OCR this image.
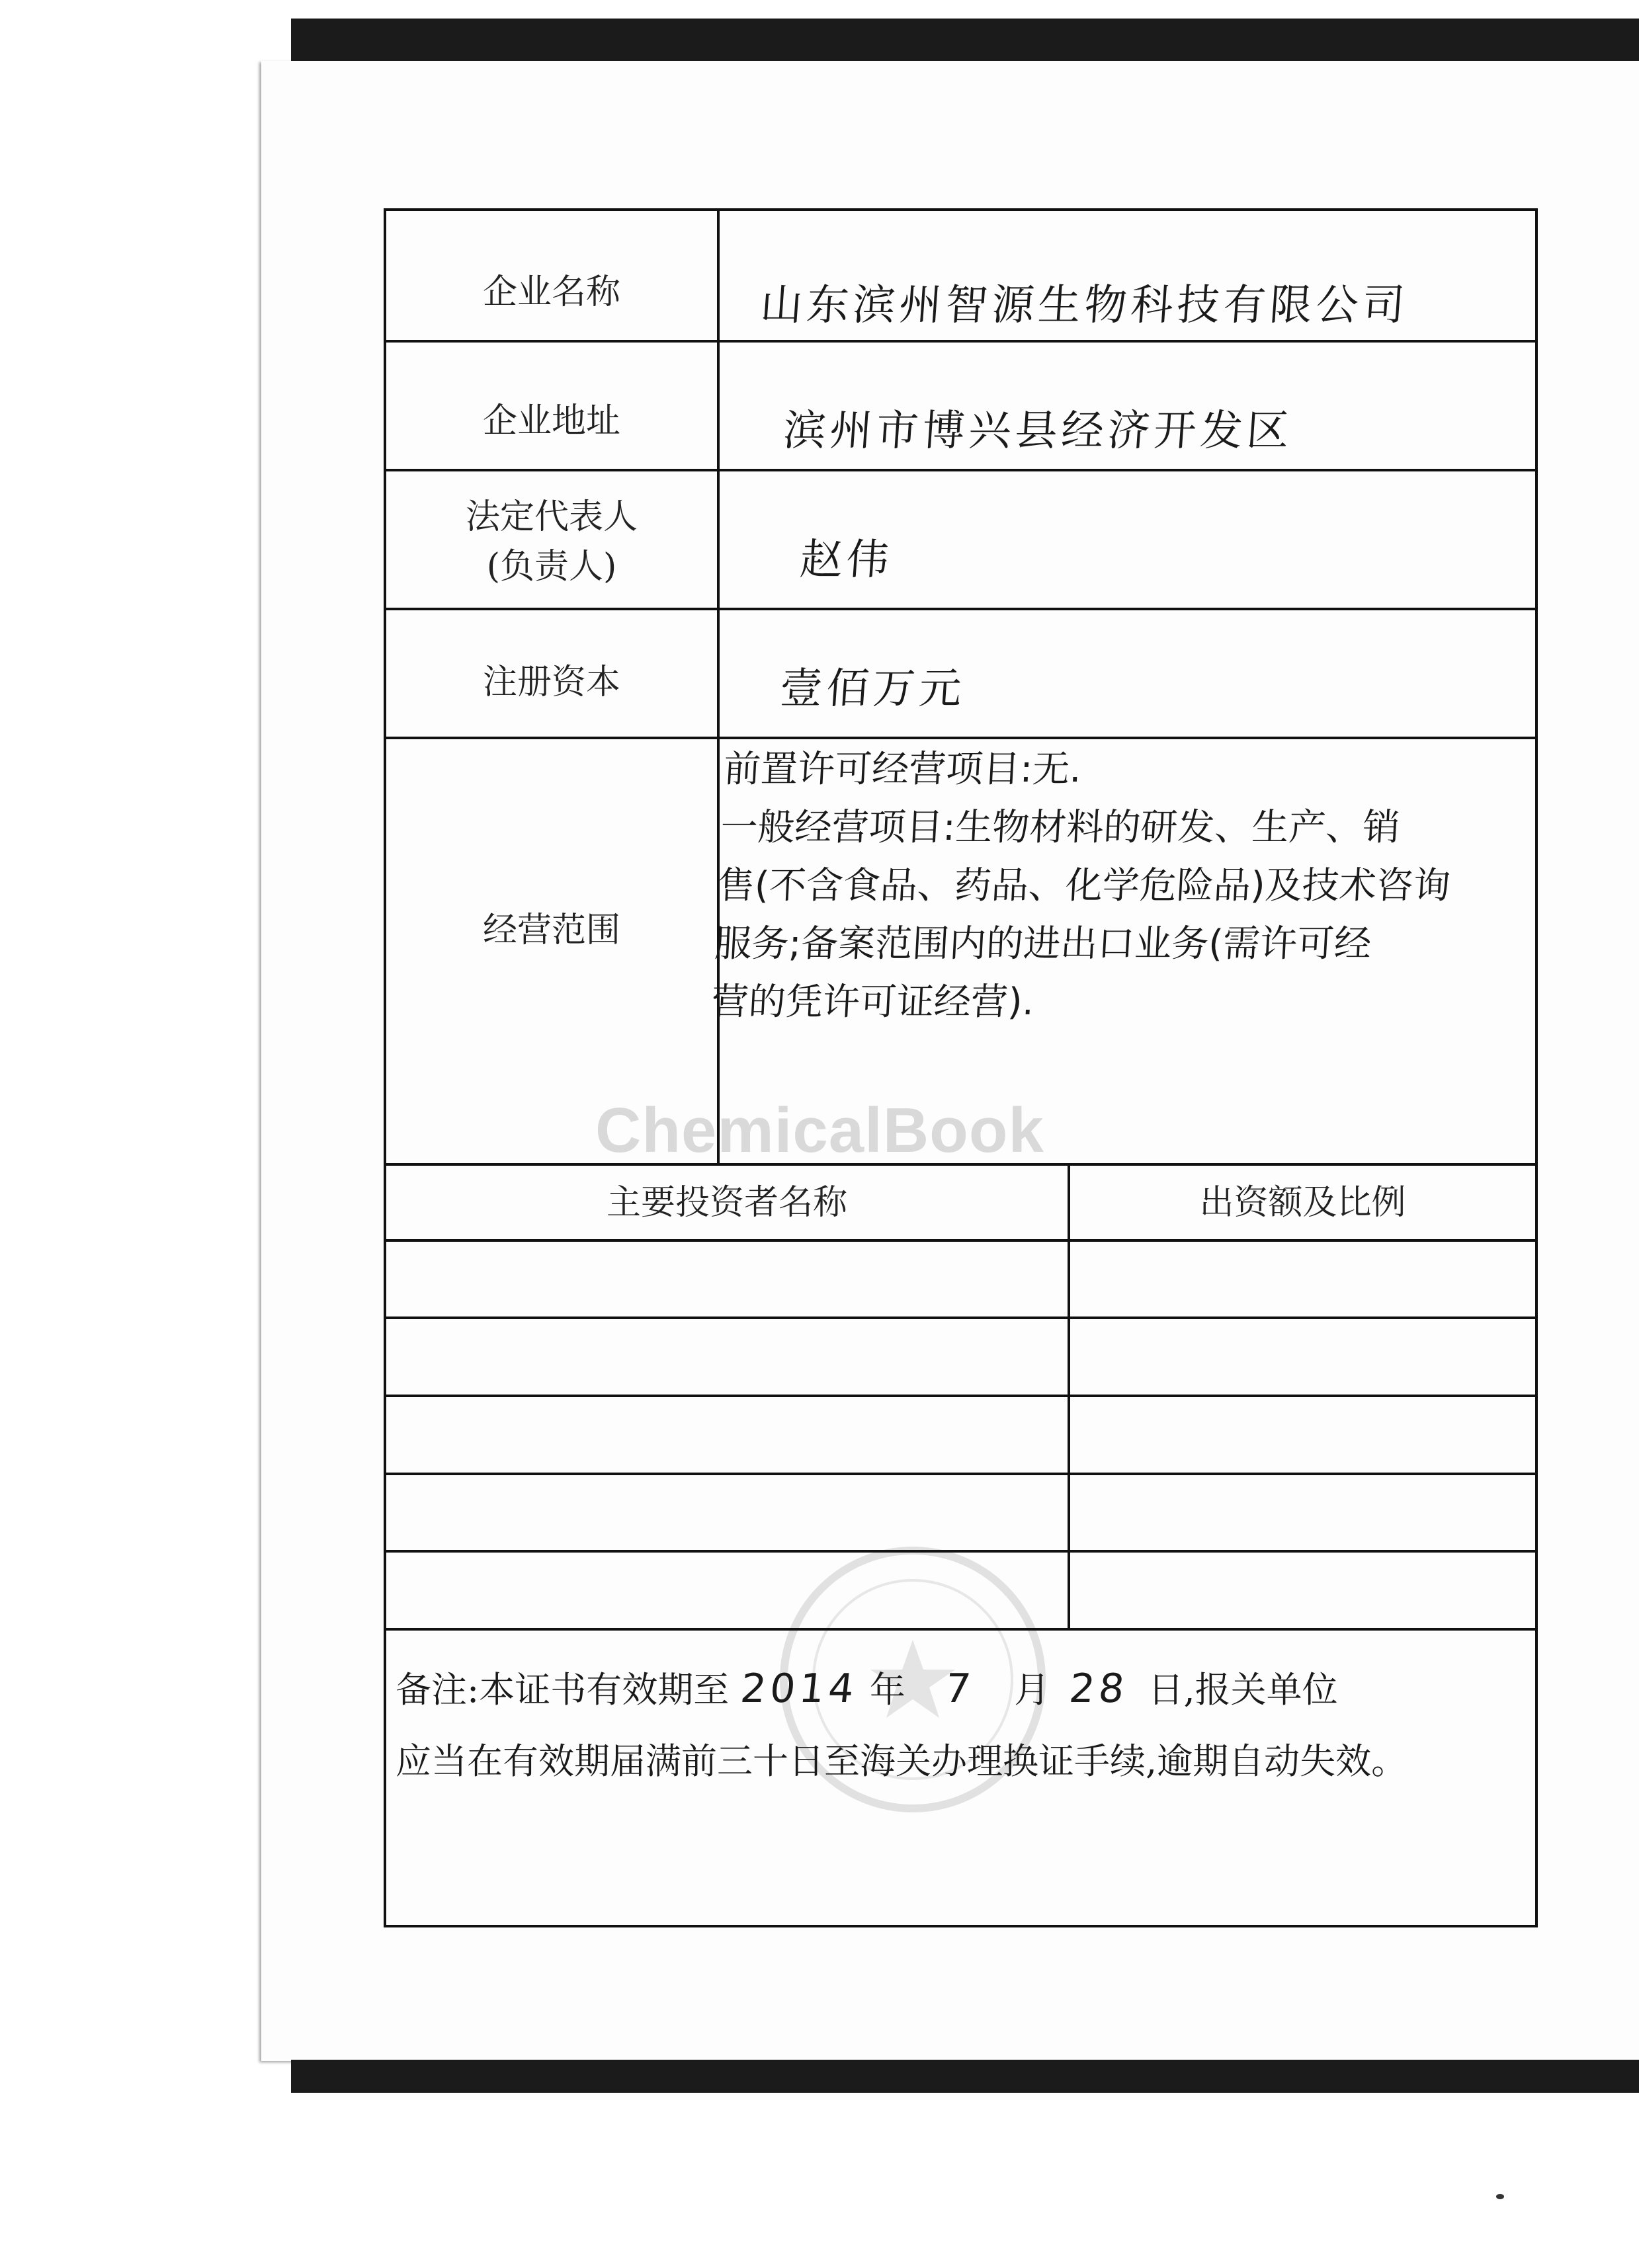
企业名称
企业地址
法定代表人
(负责人)
注册资本
经营范围
山东滨州智源生物科技有限公司
滨州市博兴县经济开发区
赵伟
壹佰万元
前置许可经营项目:无.
一般经营项目:生物材料的研发、生产、销
售(不含食品、药品、化学危险品)及技术咨询
服务;备案范围内的进出口业务(需许可经
营的凭许可证经营).
ChemicalBook
主要投资者名称	出资额及比例
备注:本证书有效期至 2014 年 7 月 28 日,报关单位
应当在有效期届满前三十日至海关办理换证手续,逾期自动失效。
